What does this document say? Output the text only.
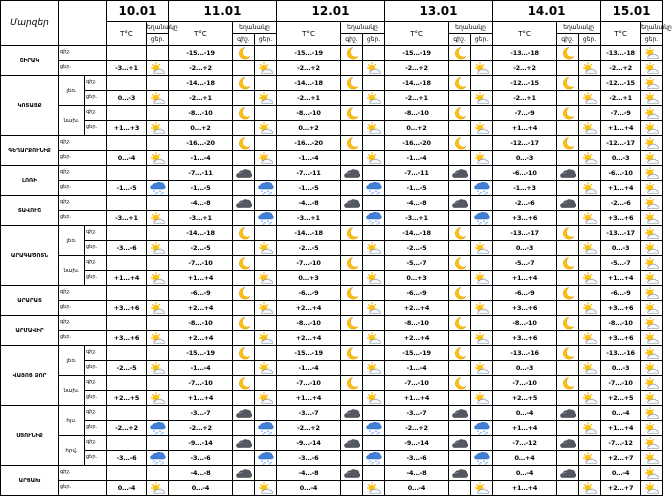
Մարզեր			10.01		11.01			12.01			13.01			14.01			15.01	
			T°C	եղանակը	T°C	եղանակը		T°C	եղանակը		T°C	եղանակը		T°C	եղանակը		T°C	եղանակը
				ցեր.		գիշ.	ցեր.		գիշ.	ցեր.		գիշ.	ցեր.		գիշ.	ցեր.		ցեր.
ՇԻՐԱԿ	գիշ.				-15…-19			-15…-19			-15…-19			-13…-18			-13…-18	

	ցեր.		-3…+1		-2…+2			-2…+2			-2…+2			-2…+2			-2…+2	

ԿՈՏԱՅՔ	լեռ.	գիշ.			-14…-18			-14…-18			-14…-18			-12…-15			-12…-15	

		ցեր.	0…-3		-2…+1			-2…+1			-2…+1			-2…+1			-2…+1	

	նախ.	գիշ.			-8…-10			-8…-10			-8…-10			-7…-9			-7…-9	

		ցեր.	+1…+3		0…+2			0…+2			0…+2			+1…+4			+1…+4	

ԳԵՂԱՐՔՈՒՆԻՔ	գիշ.				-16…-20			-16…-20			-16…-20			-12…-17			-12…-17	

	ցեր.		0…-4		-1…-4			-1…-4			-1…-4			0…-3			0…-3	

ԼՈՌԻ	գիշ.				-7…-11			-7…-11			-7…-11			-6…-10			-6…-10	

	ցեր.		-1…-5		-1…-5			-1…-5			-1…-5			-1…+3			+1…+4	

ՏԱՎՈՒՇ	գիշ.				-4…-8			-4…-8			-4…-8			-2…-6			-2…-6	

	ցեր.		-3…+1		-3…+1			-3…+1			-3…+1			+3…+6			+3…+6	

ԱՐԱԳԱԾՈՏՆ	լեռ.	գիշ.			-14…-18			-14…-18			-14…-18			-13…-17			-13…-17	

		ցեր.	-3…-6		-2…-5			-2…-5			-2…-5			0…-3			0…-3	

	նախ.	գիշ.			-7…-10			-7…-10			-5…-7			-5…-7			-5…-7	

		ցեր.	+1…+4		+1…+4			0…+3			0…+3			+1…+4			+1…+4	

ԱՐԱՐԱՏ	գիշ.				-6…-9			-6…-9			-6…-9			-6…-9			-6…-9	

	ցեր.		+3…+6		+2…+4			+2…+4			+2…+4			+3…+6			+3…+6	

ԱՐՄԱՎԻՐ	գիշ.				-8…-10			-8…-10			-8…-10			-8…-10			-8…-10	

	ցեր.		+3…+6		+2…+4			+2…+4			+2…+4			+3…+6			+3…+6	

ՎԱՅՈՑ ՁՈՐ	լեռ.	գիշ.			-15…-19			-15…-19			-15…-19			-13…-16			-13…-16	

		ցեր.	-2…-5		-1…-4			-1…-4			-1…-4			0…-3			0…-3	

	նախ.	գիշ.			-7…-10			-7…-10			-7…-10			-7…-10			-7…-10	

		ցեր.	+2…+5		+1…+4			+1…+4			+1…+4			+2…+5			+2…+5	

ՍՅՈՒՆԻՔ	հյս.	գիշ.			-3…-7			-3…-7			-3…-7			0…-4			0…-4	

		ցեր.	-2…+2		-2…+2			-2…+2			-2…+2			+1…+4			+1…+4	

	հրվ.	գիշ.			-9…-14			-9…-14			-9…-14			-7…-12			-7…-12	

		ցեր.	-3…-6		-3…-6			-3…-6			-3…-6			0…+4			+2…+7	

ԱՐՑԱԽ	գիշ.				-4…-8			-4…-8			-4…-8			0…-4			0…-4	

	ցեր.		0…-4		0…-4			0…-4			0…-4			+1…+4			+2…+7	
